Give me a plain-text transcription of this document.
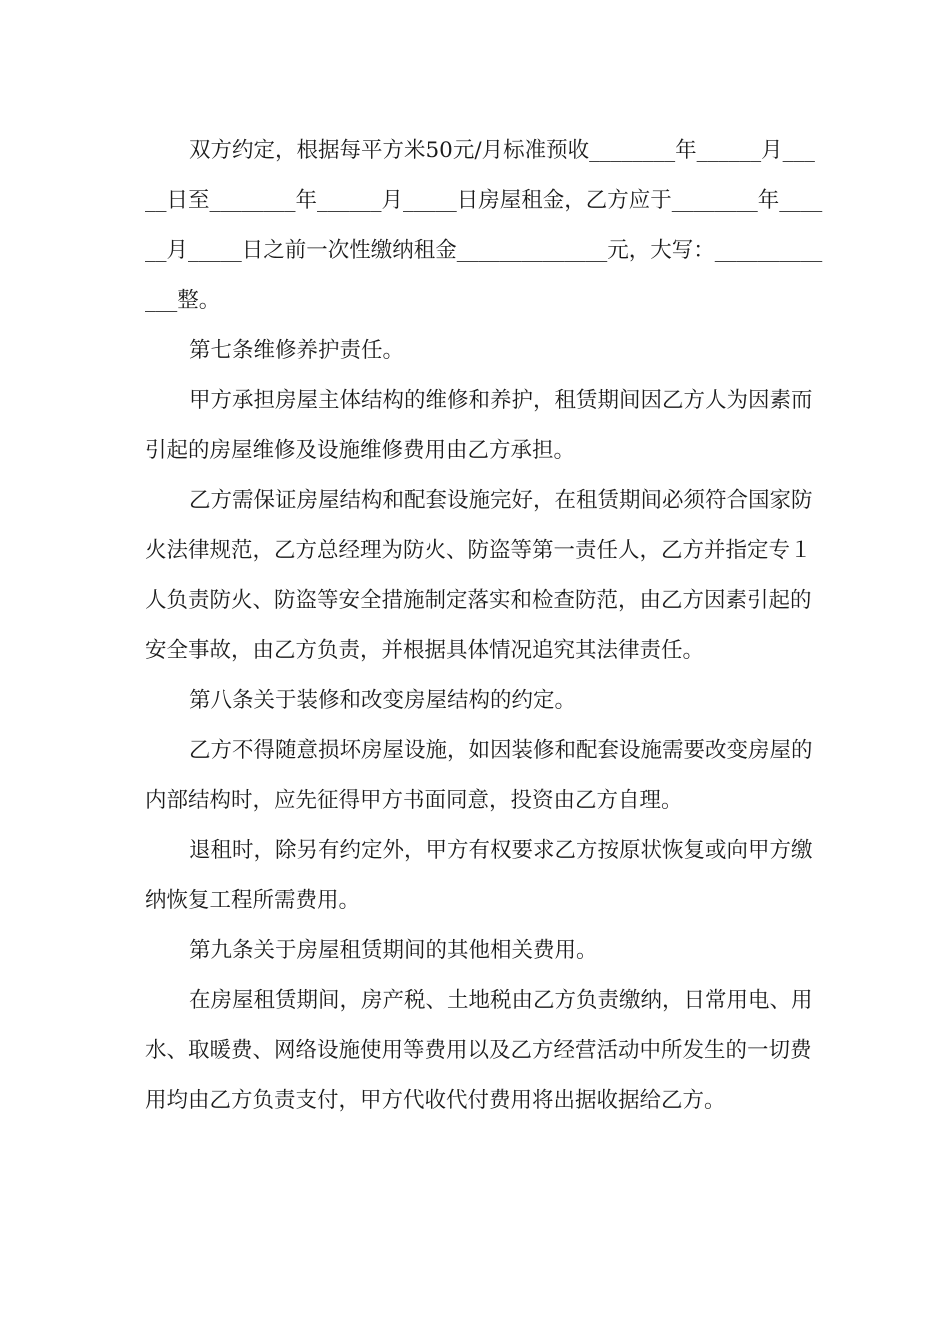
双方约定，根据每平方米50元/月标准预收________年______月_____日至________年______月_____日房屋租金，乙方应于________年______月_____日之前一次性缴纳租金______________元，大写：_____________整。

第七条维修养护责任。

甲方承担房屋主体结构的维修和养护，租赁期间因乙方人为因素而引起的房屋维修及设施维修费用由乙方承担。

乙方需保证房屋结构和配套设施完好，在租赁期间必须符合国家防火法律规范，乙方总经理为防火、防盗等第一责任人，乙方并指定专１人负责防火、防盗等安全措施制定落实和检查防范，由乙方因素引起的安全事故，由乙方负责，并根据具体情况追究其法律责任。

第八条关于装修和改变房屋结构的约定。

乙方不得随意损坏房屋设施，如因装修和配套设施需要改变房屋的内部结构时，应先征得甲方书面同意，投资由乙方自理。

退租时，除另有约定外，甲方有权要求乙方按原状恢复或向甲方缴纳恢复工程所需费用。

第九条关于房屋租赁期间的其他相关费用。

在房屋租赁期间，房产税、土地税由乙方负责缴纳，日常用电、用水、取暖费、网络设施使用等费用以及乙方经营活动中所发生的一切费用均由乙方负责支付，甲方代收代付费用将出据收据给乙方。
